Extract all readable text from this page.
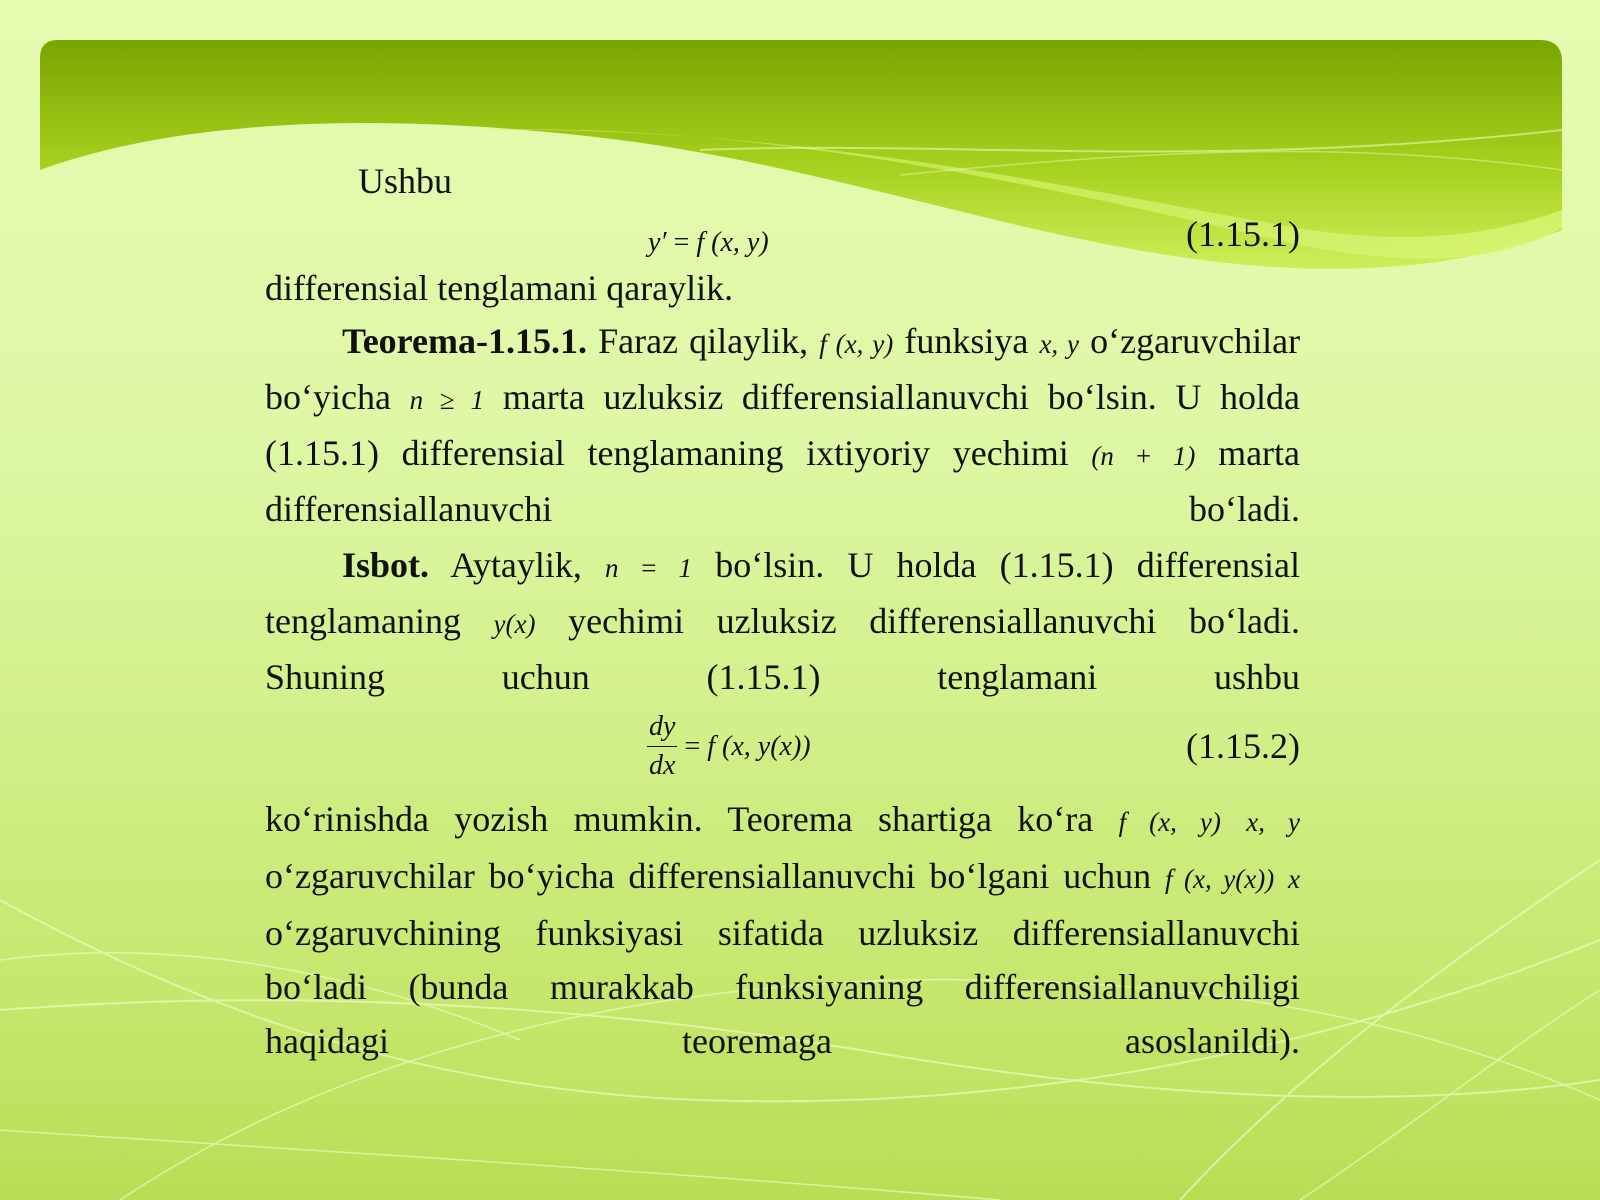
Ushbu

y′ = f (x, y)	(1.15.1)

differensial tenglamani qaraylik.

Teorema-1.15.1. Faraz qilaylik, f (x, y) funksiya x, y o‘zgaruvchilar bo‘yicha n ≥ 1 marta uzluksiz differensiallanuvchi bo‘lsin. U holda (1.15.1) differensial tenglamaning ixtiyoriy yechimi (n + 1) marta differensiallanuvchi bo‘ladi.

Isbot. Aytaylik, n = 1 bo‘lsin. U holda (1.15.1) differensial tenglamaning y(x) yechimi uzluksiz differensiallanuvchi bo‘ladi. Shuning uchun (1.15.1) tenglamani ushbu

$\frac{dy}{dx} = f$ (x, y(x))	(1.15.2)

ko‘rinishda yozish mumkin. Teorema shartiga ko‘ra f (x, y) x, y o‘zgaruvchilar bo‘yicha differensiallanuvchi bo‘lgani uchun f (x, y(x)) x o‘zgaruvchining funksiyasi sifatida uzluksiz differensiallanuvchi bo‘ladi (bunda murakkab funksiyaning differensiallanuvchiligi haqidagi teoremaga asoslanildi).
